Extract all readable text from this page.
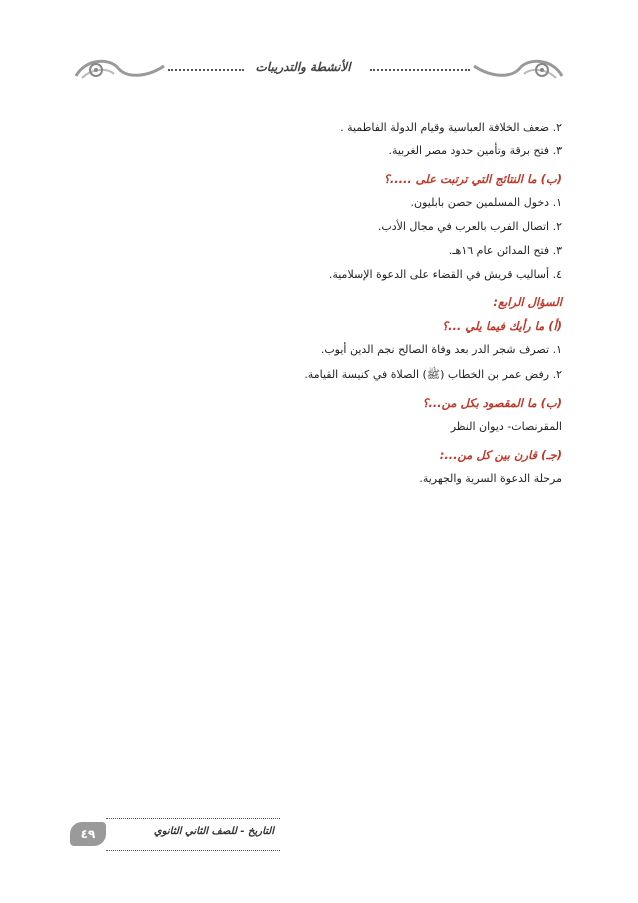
الأنشطة والتدريبات
٢. ضعف الخلافة العباسية وقيام الدولة الفاطمية .
٣. فتح برقة وتأمين حدود مصر الغربية.
(ب) ما النتائج التي ترتبت على .....؟
١. دخول المسلمين حصن بابليون.
٢. اتصال الفرب بالعرب في مجال الأدب.
٣. فتح المدائن عام ١٦هـ.
٤. أساليب قريش في القضاء على الدعوة الإسلامية.
السؤال الرابع:
(أ) ما رأيك فيما يلي ...؟
١. تصرف شجر الدر بعد وفاة الصالح نجم الدين أيوب.
٢. رفض عمر بن الخطاب (ﷺ) الصلاة في كنيسة القيامة.
(ب) ما المقصود بكل من...؟
المقرنصات- ديوان النظر
(جـ) قارن بين كل من...:
مرحلة الدعوة السرية والجهرية.
٤٩	التاريخ - للصف الثاني الثانوي
